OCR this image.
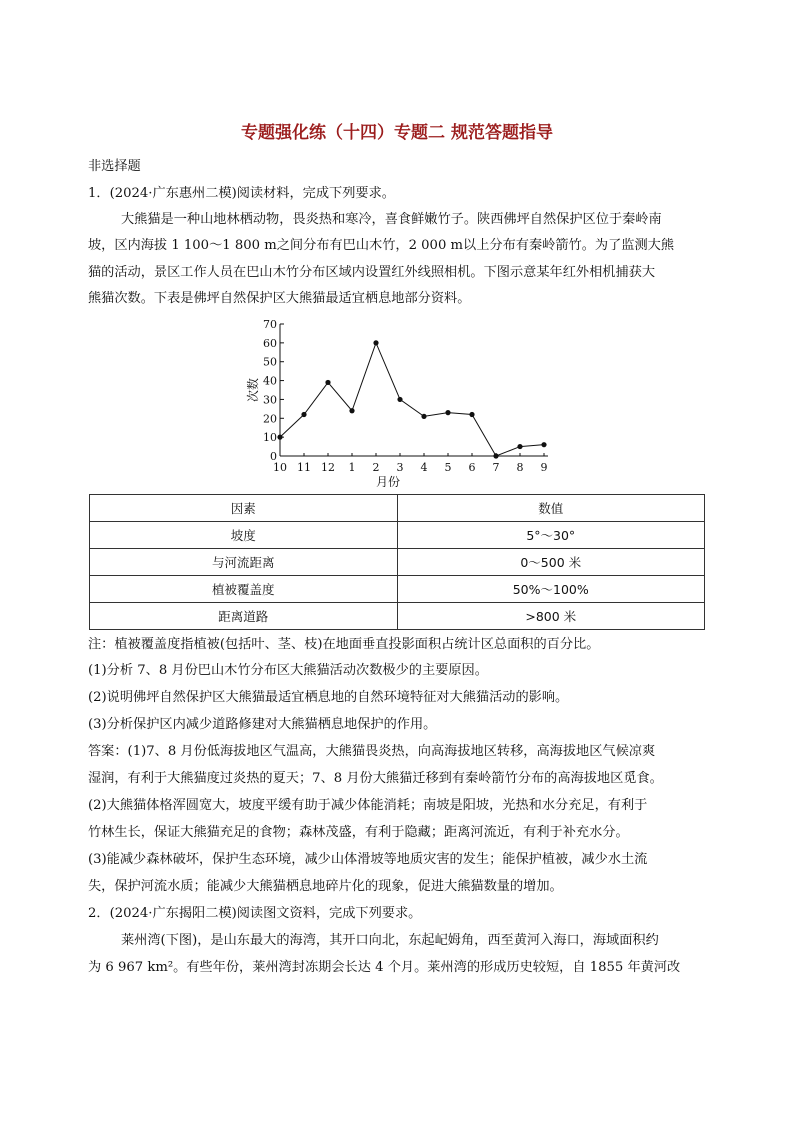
专题强化练（十四）专题二 规范答题指导

非选择题

1．(2024·广东惠州二模)阅读材料，完成下列要求。

大熊猫是一种山地林栖动物，畏炎热和寒冷，喜食鲜嫩竹子。陕西佛坪自然保护区位于秦岭南

坡，区内海拔 1 100～1 800 m之间分布有巴山木竹，2 000 m以上分布有秦岭箭竹。为了监测大熊

猫的活动，景区工作人员在巴山木竹分布区域内设置红外线照相机。下图示意某年红外相机捕获大

熊猫次数。下表是佛坪自然保护区大熊猫最适宜栖息地部分资料。

0
10
20
30
40
50
60
70
10 11 12 1 2 3 4 5 6 7 8 9
月份
次数
因素	数值
坡度	5°～30°
与河流距离	0～500 米
植被覆盖度	50%～100%
距离道路	>800 米

注：植被覆盖度指植被(包括叶、茎、枝)在地面垂直投影面积占统计区总面积的百分比。

(1)分析 7、8 月份巴山木竹分布区大熊猫活动次数极少的主要原因。

(2)说明佛坪自然保护区大熊猫最适宜栖息地的自然环境特征对大熊猫活动的影响。

(3)分析保护区内减少道路修建对大熊猫栖息地保护的作用。

答案：(1)7、8 月份低海拔地区气温高，大熊猫畏炎热，向高海拔地区转移，高海拔地区气候凉爽

湿润，有利于大熊猫度过炎热的夏天；7、8 月份大熊猫迁移到有秦岭箭竹分布的高海拔地区觅食。

(2)大熊猫体格浑圆宽大，坡度平缓有助于减少体能消耗；南坡是阳坡，光热和水分充足，有利于

竹林生长，保证大熊猫充足的食物；森林茂盛，有利于隐藏；距离河流近，有利于补充水分。

(3)能减少森林破坏，保护生态环境，减少山体滑坡等地质灾害的发生；能保护植被，减少水土流

失，保护河流水质；能减少大熊猫栖息地碎片化的现象，促进大熊猫数量的增加。

2．(2024·广东揭阳二模)阅读图文资料，完成下列要求。

莱州湾(下图)，是山东最大的海湾，其开口向北，东起屺姆角，西至黄河入海口，海域面积约

为 6 967 km²。有些年份，莱州湾封冻期会长达 4 个月。莱州湾的形成历史较短，自 1855 年黄河改
